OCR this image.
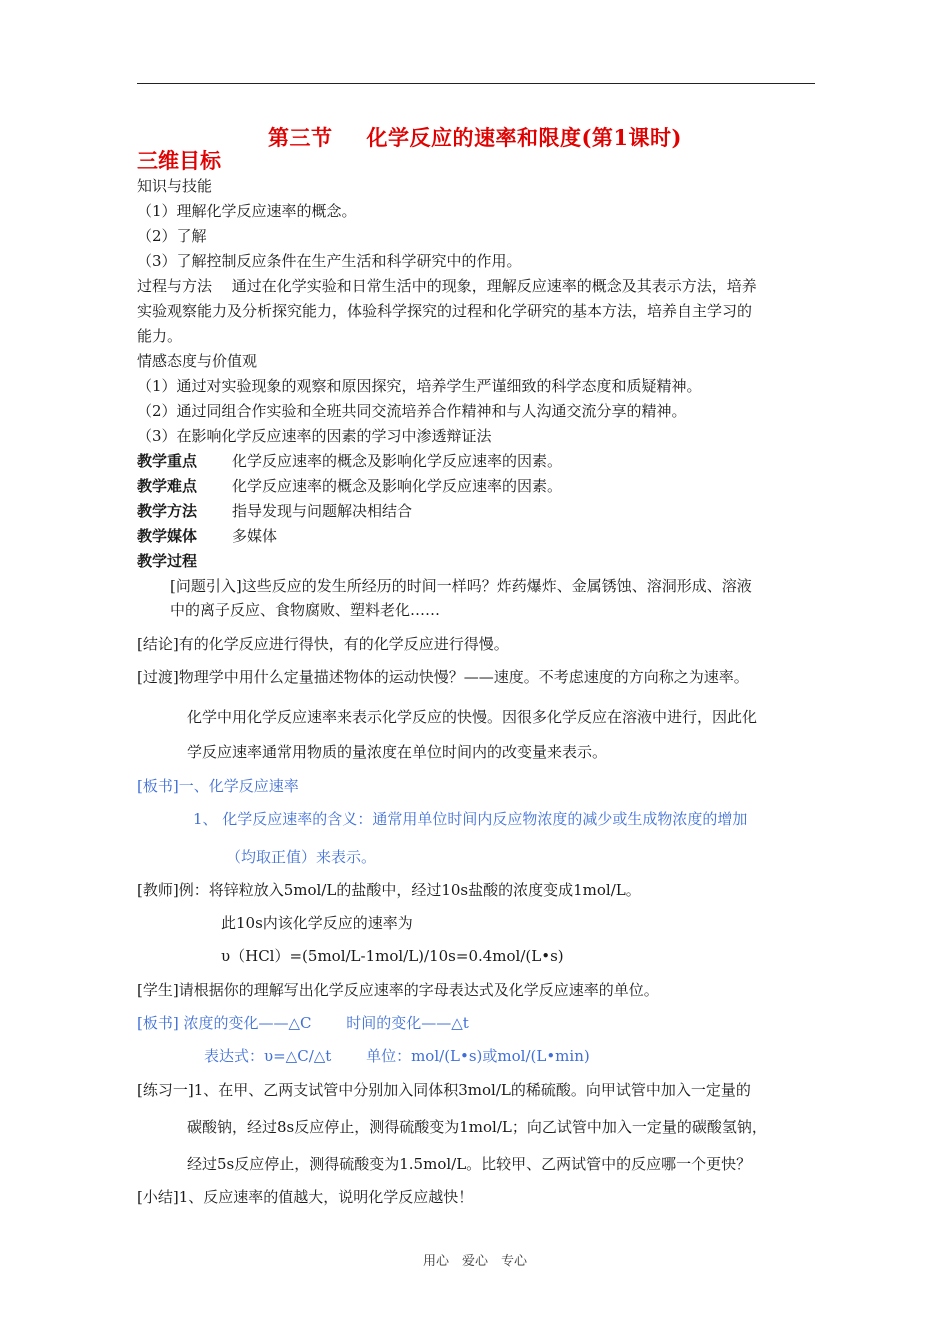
第三节 化学反应的速率和限度(第1课时)
三维目标
知识与技能
（1）理解化学反应速率的概念。
（2）了解
（3）了解控制反应条件在生产生活和科学研究中的作用。
过程与方法　 通过在化学实验和日常生活中的现象，理解反应速率的概念及其表示方法，培养
实验观察能力及分析探究能力，体验科学探究的过程和化学研究的基本方法，培养自主学习的
能力。
情感态度与价值观
（1）通过对实验现象的观察和原因探究，培养学生严谨细致的科学态度和质疑精神。
（2）通过同组合作实验和全班共同交流培养合作精神和与人沟通交流分享的精神。
（3）在影响化学反应速率的因素的学习中渗透辩证法
教学重点 化学反应速率的概念及影响化学反应速率的因素。
教学难点 化学反应速率的概念及影响化学反应速率的因素。
教学方法 指导发现与问题解决相结合
教学媒体 多媒体
教学过程
[问题引入]这些反应的发生所经历的时间一样吗？炸药爆炸、金属锈蚀、溶洞形成、溶液
中的离子反应、食物腐败、塑料老化……
[结论]有的化学反应进行得快，有的化学反应进行得慢。
[过渡]物理学中用什么定量描述物体的运动快慢？——速度。不考虑速度的方向称之为速率。
化学中用化学反应速率来表示化学反应的快慢。因很多化学反应在溶液中进行，因此化
学反应速率通常用物质的量浓度在单位时间内的改变量来表示。
[板书]一、化学反应速率
1、 化学反应速率的含义：通常用单位时间内反应物浓度的减少或生成物浓度的增加
（均取正值）来表示。
[教师]例：将锌粒放入5mol/L的盐酸中，经过10s盐酸的浓度变成1mol/L。
此10s内该化学反应的速率为
υ（HCl）=(5mol/L-1mol/L)/10s=0.4mol/(L•s)
[学生]请根据你的理解写出化学反应速率的字母表达式及化学反应速率的单位。
[板书] 浓度的变化——△C　　 时间的变化——△t
表达式：υ=△C/△t　　 单位：mol/(L•s)或mol/(L•min)
[练习一]1、在甲、乙两支试管中分别加入同体积3mol/L的稀硫酸。向甲试管中加入一定量的
碳酸钠，经过8s反应停止，测得硫酸变为1mol/L；向乙试管中加入一定量的碳酸氢钠，
经过5s反应停止，测得硫酸变为1.5mol/L。比较甲、乙两试管中的反应哪一个更快？
[小结]1、反应速率的值越大，说明化学反应越快！
用心　爱心　专心
